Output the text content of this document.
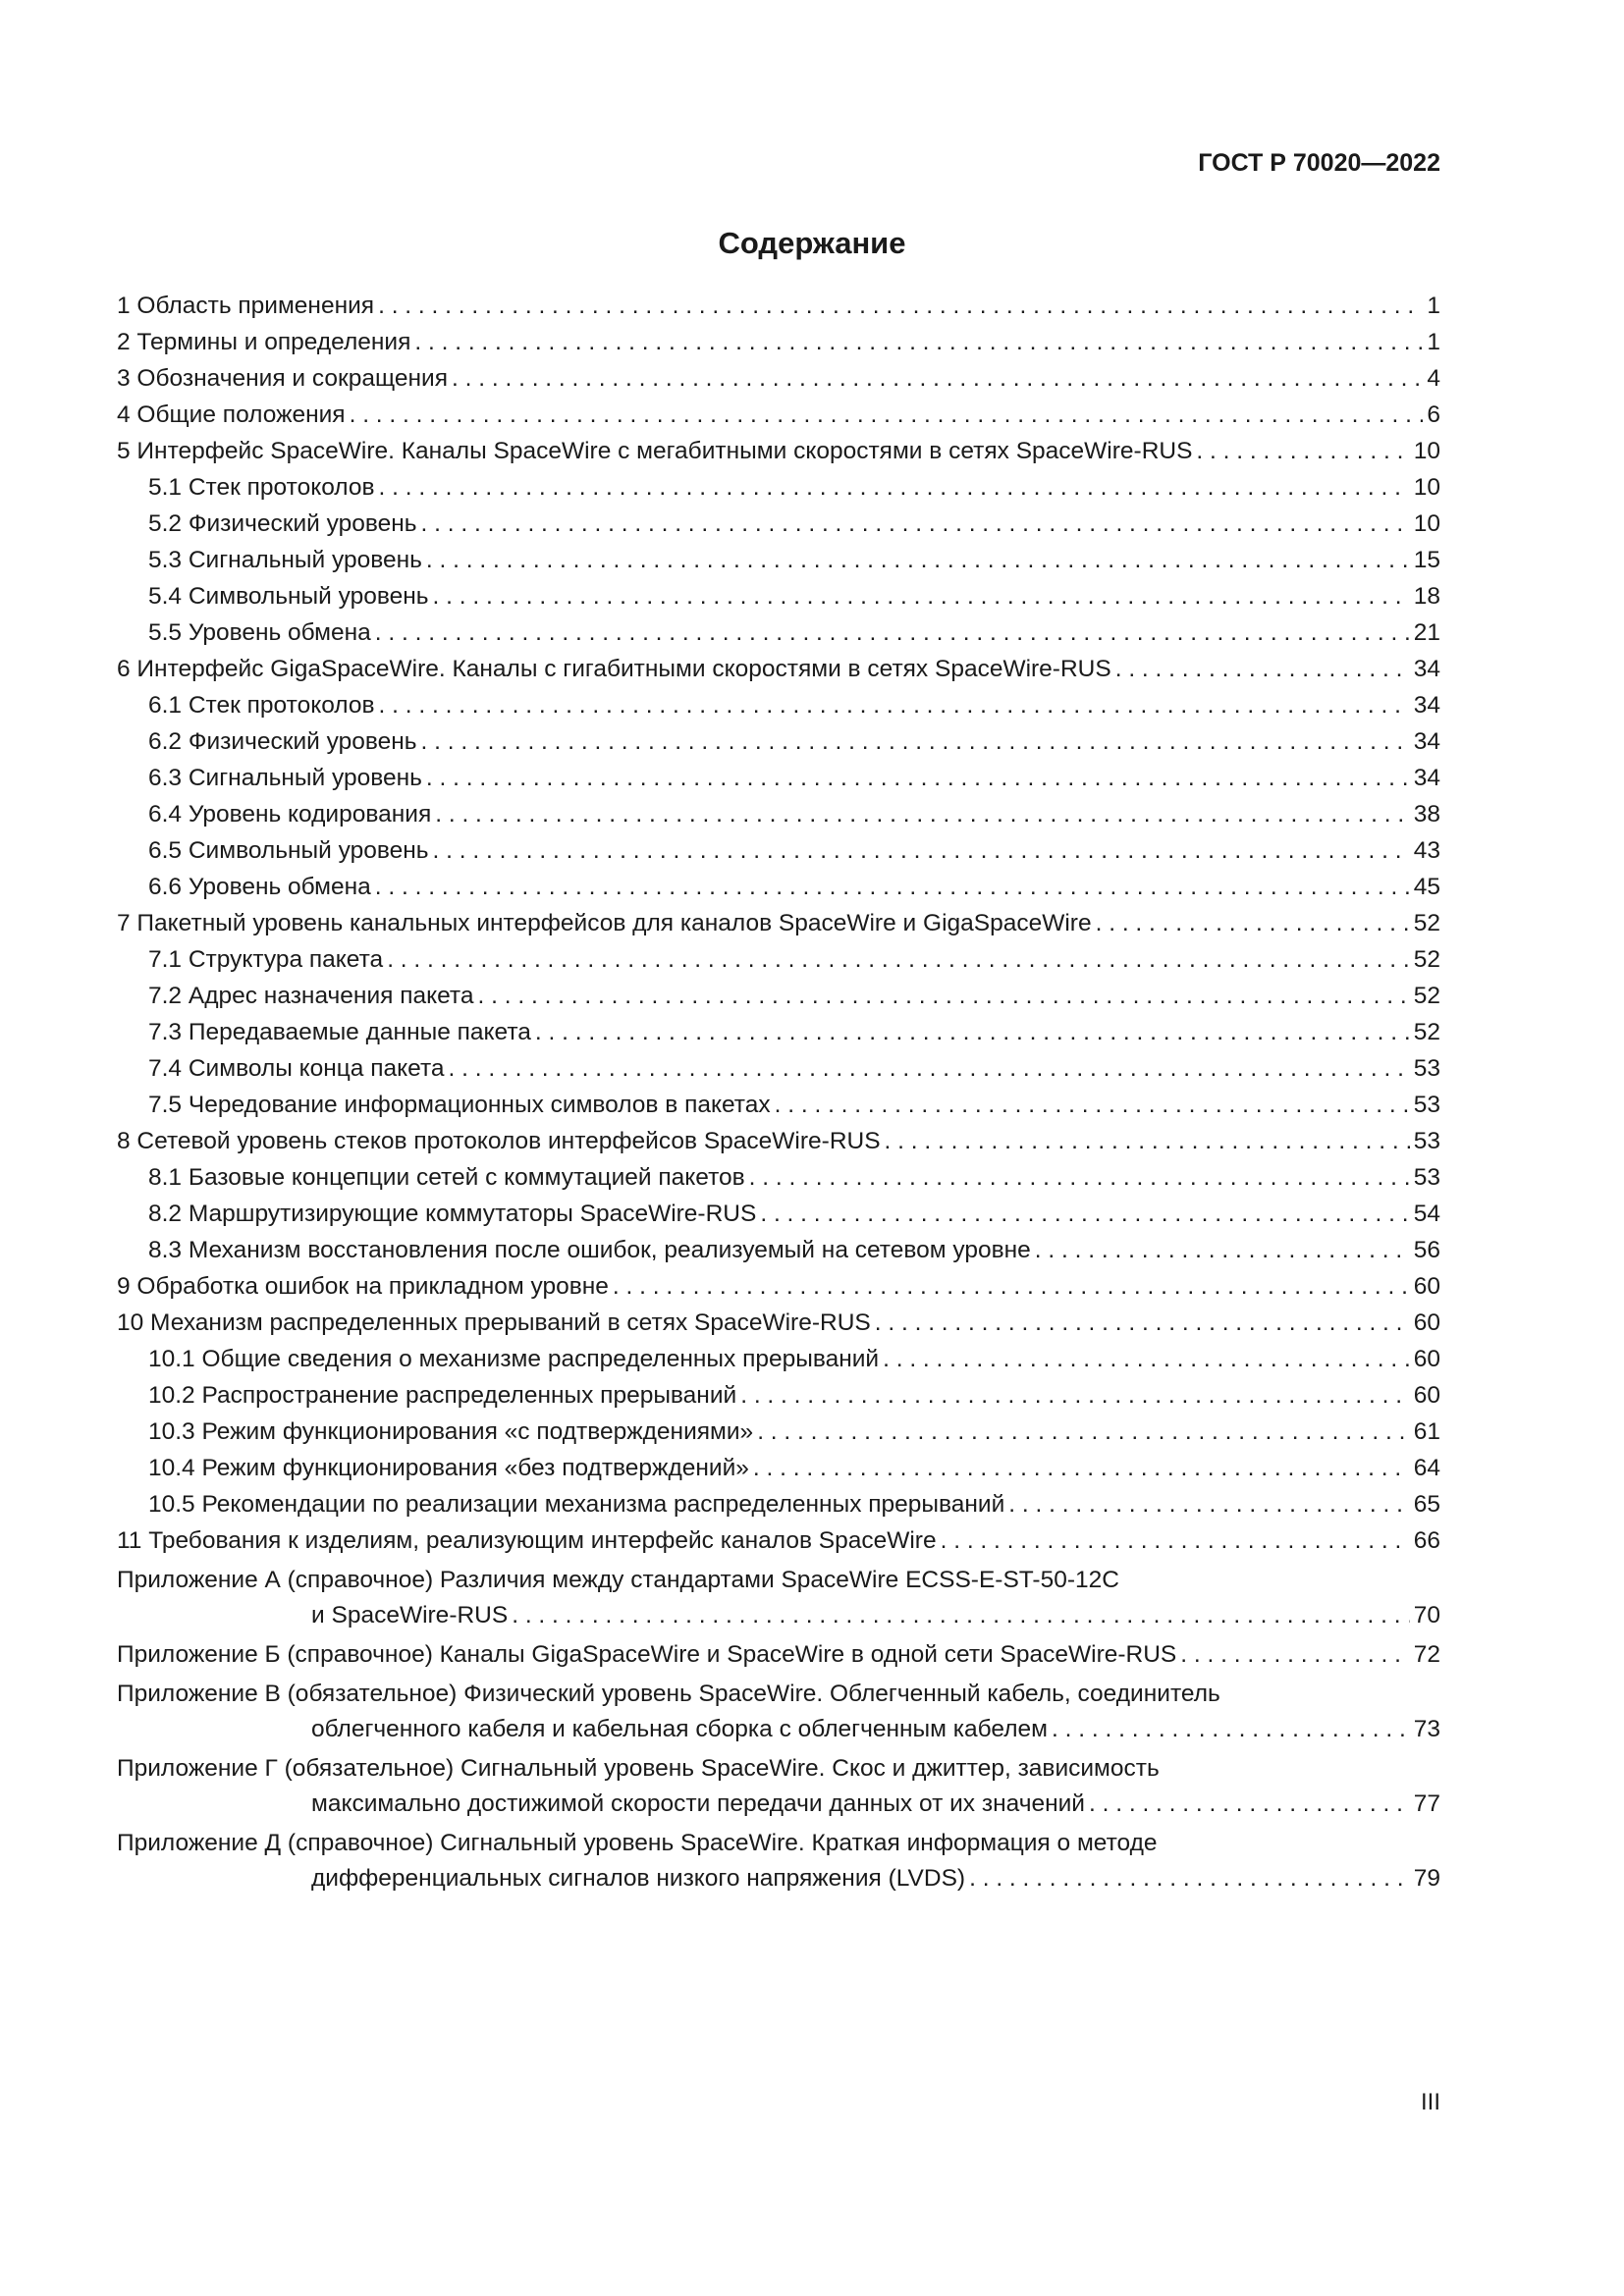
ГОСТ Р 70020—2022
Содержание
1 Область применения . . .	1
2 Термины и определения . . .	1
3 Обозначения и сокращения . . .	4
4 Общие положения . . .	6
5 Интерфейс SpaceWire. Каналы SpaceWire с мегабитными скоростями в сетях SpaceWire-RUS . . .	10
5.1 Стек протоколов . . .	10
5.2 Физический уровень . . .	10
5.3 Сигнальный уровень . . .	15
5.4 Символьный уровень . . .	18
5.5 Уровень обмена . . .	21
6 Интерфейс GigaSpaceWire. Каналы с гигабитными скоростями в сетях SpaceWire-RUS . . .	34
6.1 Стек протоколов . . .	34
6.2 Физический уровень . . .	34
6.3 Сигнальный уровень . . .	34
6.4 Уровень кодирования . . .	38
6.5 Символьный уровень . . .	43
6.6 Уровень обмена . . .	45
7 Пакетный уровень канальных интерфейсов для каналов SpaceWire и GigaSpaceWire . . .	52
7.1 Структура пакета . . .	52
7.2 Адрес назначения пакета . . .	52
7.3 Передаваемые данные пакета . . .	52
7.4 Символы конца пакета . . .	53
7.5 Чередование информационных символов в пакетах . . .	53
8 Сетевой уровень стеков протоколов интерфейсов SpaceWire-RUS . . .	53
8.1 Базовые концепции сетей с коммутацией пакетов . . .	53
8.2 Маршрутизирующие коммутаторы SpaceWire-RUS . . .	54
8.3 Механизм восстановления после ошибок, реализуемый на сетевом уровне . . .	56
9 Обработка ошибок на прикладном уровне . . .	60
10 Механизм распределенных прерываний в сетях SpaceWire-RUS . . .	60
10.1 Общие сведения о механизме распределенных прерываний . . .	60
10.2 Распространение распределенных прерываний . . .	60
10.3 Режим функционирования «с подтверждениями» . . .	61
10.4 Режим функционирования «без подтверждений» . . .	64
10.5 Рекомендации по реализации механизма распределенных прерываний . . .	65
11 Требования к изделиям, реализующим интерфейс каналов SpaceWire . . .	66
Приложение А (справочное) Различия между стандартами SpaceWire ECSS-E-ST-50-12C
и SpaceWire-RUS . . .	70
Приложение Б (справочное) Каналы GigaSpaceWire и SpaceWire в одной сети SpaceWire-RUS . . .	72
Приложение В (обязательное) Физический уровень SpaceWire. Облегченный кабель, соединитель
облегченного кабеля и кабельная сборка с облегченным кабелем . . .	73
Приложение Г (обязательное) Сигнальный уровень SpaceWire. Скос и джиттер, зависимость
максимально достижимой скорости передачи данных от их значений . . .	77
Приложение Д (справочное) Сигнальный уровень SpaceWire. Краткая информация о методе
дифференциальных сигналов низкого напряжения (LVDS) . . .	79
III
